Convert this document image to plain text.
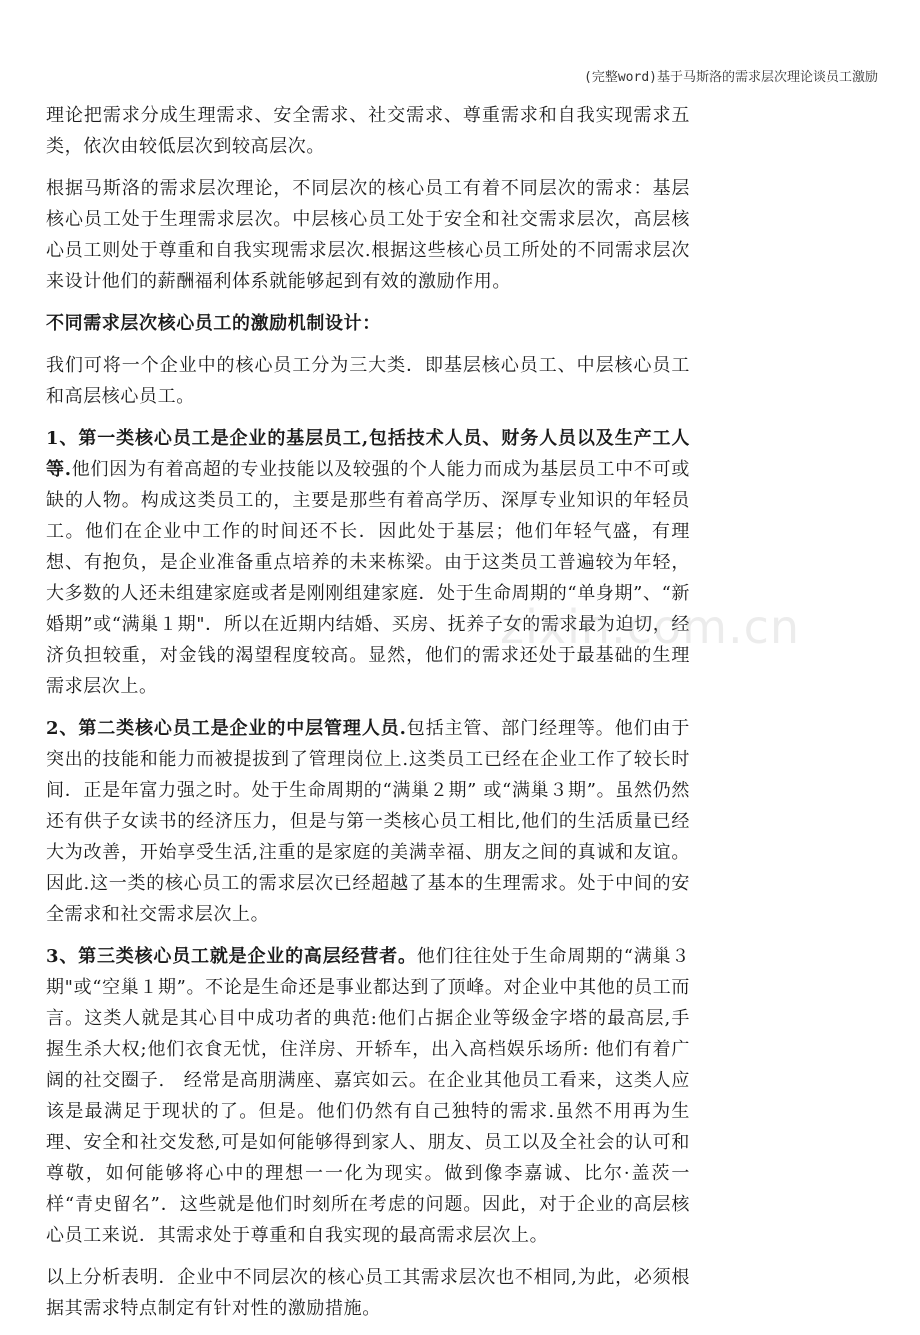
(完整word)基于马斯洛的需求层次理论谈员工激励

理论把需求分成生理需求、安全需求、社交需求、尊重需求和自我实现需求五类，依次由较低层次到较高层次。

根据马斯洛的需求层次理论，不同层次的核心员工有着不同层次的需求：基层核心员工处于生理需求层次。中层核心员工处于安全和社交需求层次，高层核心员工则处于尊重和自我实现需求层次.根据这些核心员工所处的不同需求层次来设计他们的薪酬福利体系就能够起到有效的激励作用。

不同需求层次核心员工的激励机制设计：

我们可将一个企业中的核心员工分为三大类．即基层核心员工、中层核心员工和高层核心员工。

1、第一类核心员工是企业的基层员工,包括技术人员、财务人员以及生产工人等.他们因为有着高超的专业技能以及较强的个人能力而成为基层员工中不可或缺的人物。构成这类员工的，主要是那些有着高学历、深厚专业知识的年轻员工。他们在企业中工作的时间还不长．因此处于基层；他们年轻气盛，有理想、有抱负，是企业准备重点培养的未来栋梁。由于这类员工普遍较为年轻，大多数的人还未组建家庭或者是刚刚组建家庭．处于生命周期的“单身期”、“新婚期”或“满巢１期"．所以在近期内结婚、买房、抚养子女的需求最为迫切，经济负担较重，对金钱的渴望程度较高。显然，他们的需求还处于最基础的生理需求层次上。

2、第二类核心员工是企业的中层管理人员.包括主管、部门经理等。他们由于突出的技能和能力而被提拔到了管理岗位上.这类员工已经在企业工作了较长时间．正是年富力强之时。处于生命周期的“满巢２期” 或“满巢３期”。虽然仍然还有供子女读书的经济压力，但是与第一类核心员工相比,他们的生活质量已经大为改善，开始享受生活,注重的是家庭的美满幸福、朋友之间的真诚和友谊。因此.这一类的核心员工的需求层次已经超越了基本的生理需求。处于中间的安全需求和社交需求层次上。

3、第三类核心员工就是企业的高层经营者。他们往往处于生命周期的“满巢３期"或“空巢１期”。不论是生命还是事业都达到了顶峰。对企业中其他的员工而言。这类人就是其心目中成功者的典范:他们占据企业等级金字塔的最高层,手握生杀大权;他们衣食无忧，住洋房、开轿车，出入高档娱乐场所: 他们有着广阔的社交圈子.　经常是高朋满座、嘉宾如云。在企业其他员工看来，这类人应该是最满足于现状的了。但是。他们仍然有自己独特的需求.虽然不用再为生理、安全和社交发愁,可是如何能够得到家人、朋友、员工以及全社会的认可和尊敬，如何能够将心中的理想一一化为现实。做到像李嘉诚、比尔·盖茨一样“青史留名”．这些就是他们时刻所在考虑的问题。因此，对于企业的高层核心员工来说．其需求处于尊重和自我实现的最高需求层次上。

以上分析表明．企业中不同层次的核心员工其需求层次也不相同,为此，必须根据其需求特点制定有针对性的激励措施。

zixin.com.cn
